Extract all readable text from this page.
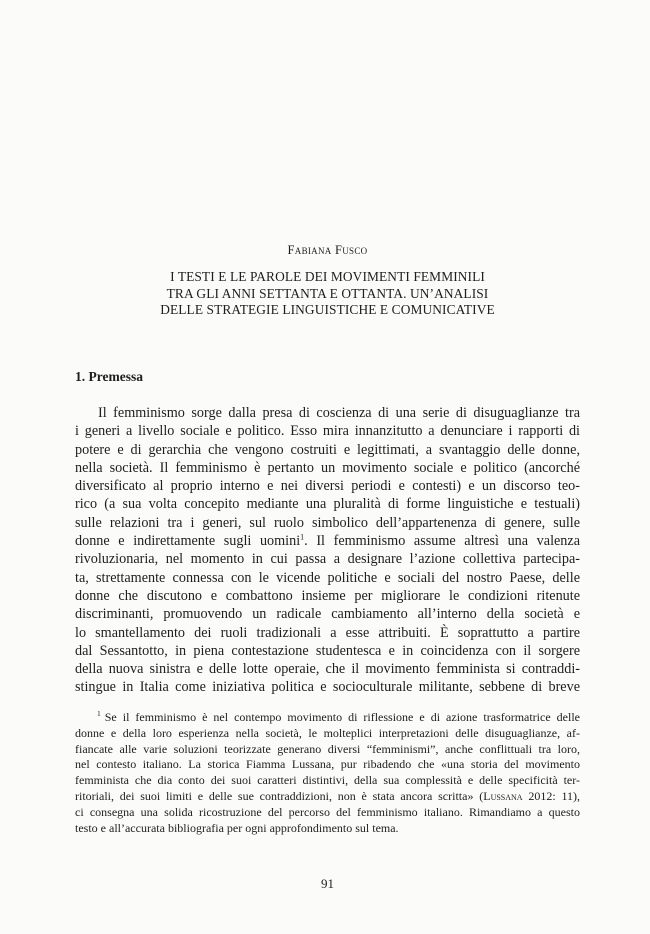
Fabiana Fusco
I TESTI E LE PAROLE DEI MOVIMENTI FEMMINILI
TRA GLI ANNI SETTANTA E OTTANTA. UN’ANALISI
DELLE STRATEGIE LINGUISTICHE E COMUNICATIVE
1. Premessa
Il femminismo sorge dalla presa di coscienza di una serie di disuguaglianze tra
i generi a livello sociale e politico. Esso mira innanzitutto a denunciare i rapporti di
potere e di gerarchia che vengono costruiti e legittimati, a svantaggio delle donne,
nella società. Il femminismo è pertanto un movimento sociale e politico (ancorché
diversificato al proprio interno e nei diversi periodi e contesti) e un discorso teo-
rico (a sua volta concepito mediante una pluralità di forme linguistiche e testuali)
sulle relazioni tra i generi, sul ruolo simbolico dell’appartenenza di genere, sulle
donne e indirettamente sugli uomini$^1$. Il femminismo assume altresì una valenza
rivoluzionaria, nel momento in cui passa a designare l’azione collettiva partecipa-
ta, strettamente connessa con le vicende politiche e sociali del nostro Paese, delle
donne che discutono e combattono insieme per migliorare le condizioni ritenute
discriminanti, promuovendo un radicale cambiamento all’interno della società e
lo smantellamento dei ruoli tradizionali a esse attribuiti. È soprattutto a partire
dal Sessantotto, in piena contestazione studentesca e in coincidenza con il sorgere
della nuova sinistra e delle lotte operaie, che il movimento femminista si contraddi-
stingue in Italia come iniziativa politica e socioculturale militante, sebbene di breve
$^1$ Se il femminismo è nel contempo movimento di riflessione e di azione trasformatrice delle
donne e della loro esperienza nella società, le molteplici interpretazioni delle disuguaglianze, af-
fiancate alle varie soluzioni teorizzate generano diversi “femminismi”, anche conflittuali tra loro,
nel contesto italiano. La storica Fiamma Lussana, pur ribadendo che «una storia del movimento
femminista che dia conto dei suoi caratteri distintivi, della sua complessità e delle specificità ter-
ritoriali, dei suoi limiti e delle sue contraddizioni, non è stata ancora scritta» (Lussana 2012: 11),
ci consegna una solida ricostruzione del percorso del femminismo italiano. Rimandiamo a questo
testo e all’accurata bibliografia per ogni approfondimento sul tema.
91
